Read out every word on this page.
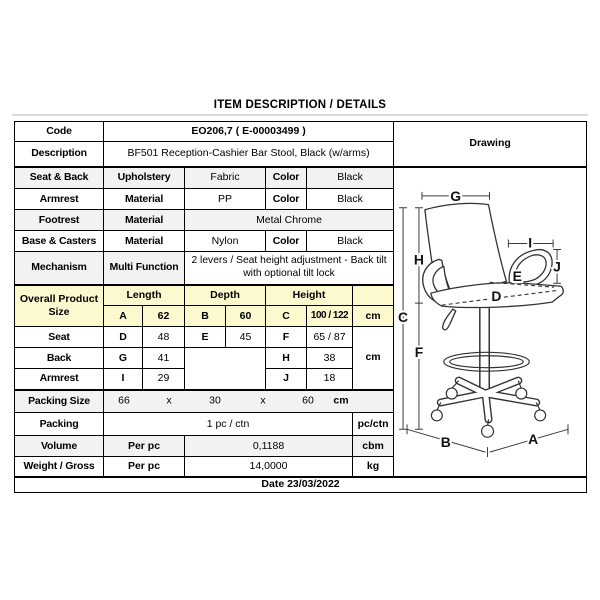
ITEM DESCRIPTION / DETAILS
Code	EO206,7 ( E-00003499 )							Drawing
Description	BF501 Reception-Cashier Bar Stool, Black (w/arms)							
Seat & Back	Upholstery	Fabric	Color	Black	
G
H
C
F
I
J
E
D
B	A

Armrest	Material		PP		Color	Black		
Footrest	Material		Metal Chrome					
Base & Casters	Material		Nylon		Color	Black		
Mechanism	Multi Function		2 levers / Seat height adjustment - Back tilt with optional tilt lock					
Overall Product Size	Length		Depth		Height			
	A	62	B	60	C	100 / 122	cm	
Seat	D	48	E	45	F	65 / 87	cm	
Back	G	41			H	38		
Armrest	I	29			J	18		
Packing Size	66	x	30	x	60 cm

Packing	1 pc / ctn						pc/ctn	
Volume	Per pc		0,1188				cbm	
Weight / Gross	Per pc		14,0000				kg	
Date 23/03/2022								
